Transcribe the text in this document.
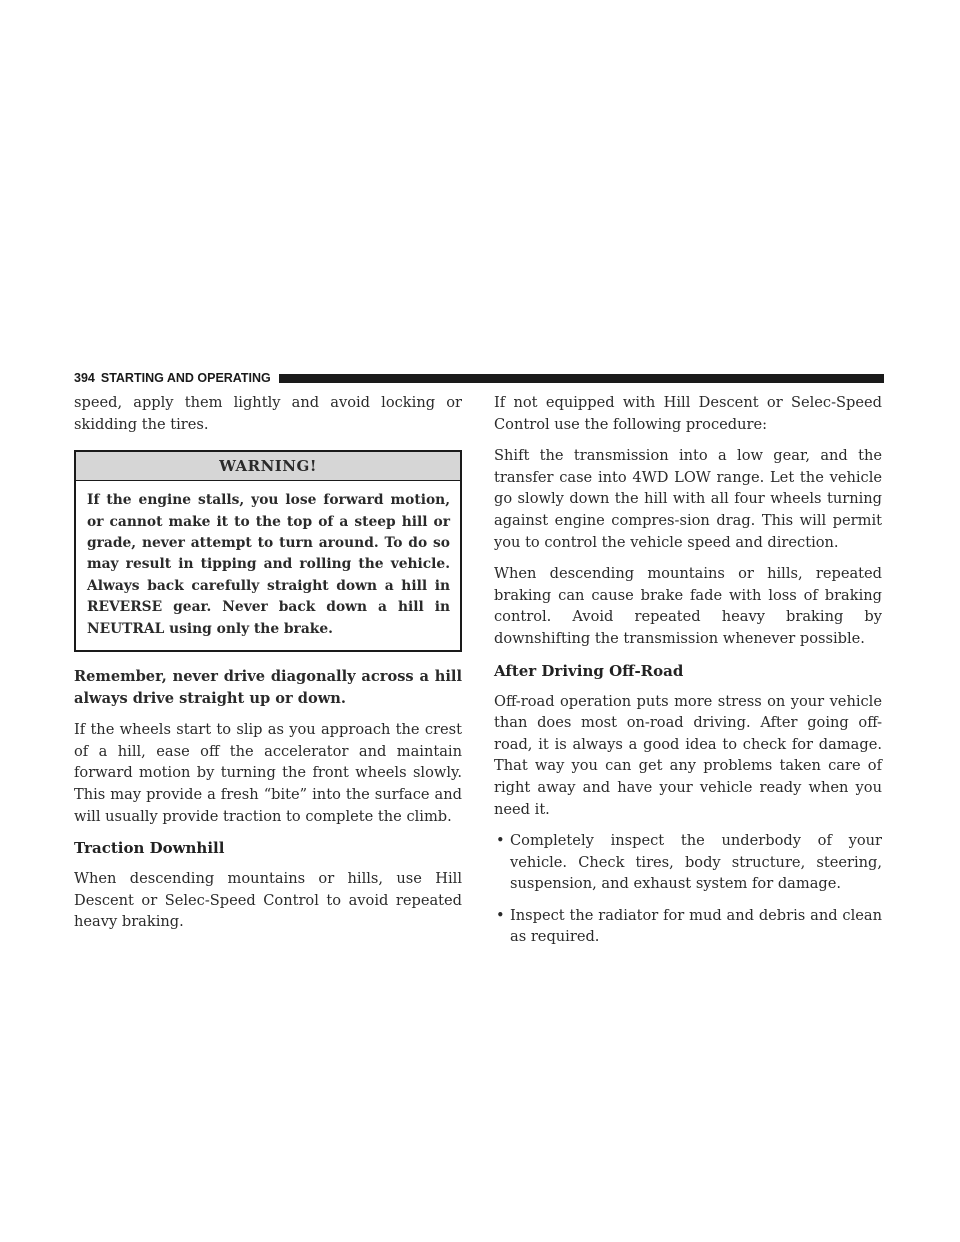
394 STARTING AND OPERATING

speed, apply them lightly and avoid locking or skidding the tires.

WARNING!
If the engine stalls, you lose forward motion, or cannot make it to the top of a steep hill or grade, never attempt to turn around. To do so may result in tipping and rolling the vehicle. Always back carefully straight down a hill in REVERSE gear. Never back down a hill in NEUTRAL using only the brake.

Remember, never drive diagonally across a hill always drive straight up or down.

If the wheels start to slip as you approach the crest of a hill, ease off the accelerator and maintain forward motion by turning the front wheels slowly. This may provide a fresh “bite” into the surface and will usually provide traction to complete the climb.

Traction Downhill

When descending mountains or hills, use Hill Descent or Selec-Speed Control to avoid repeated heavy braking.

If not equipped with Hill Descent or Selec-Speed Control use the following procedure:

Shift the transmission into a low gear, and the transfer case into 4WD LOW range. Let the vehicle go slowly down the hill with all four wheels turning against engine compres-sion drag. This will permit you to control the vehicle speed and direction.

When descending mountains or hills, repeated braking can cause brake fade with loss of braking control. Avoid repeated heavy braking by downshifting the transmission whenever possible.

After Driving Off-Road

Off-road operation puts more stress on your vehicle than does most on-road driving. After going off-road, it is always a good idea to check for damage. That way you can get any problems taken care of right away and have your vehicle ready when you need it.

• Completely inspect the underbody of your vehicle. Check tires, body structure, steering, suspension, and exhaust system for damage.
• Inspect the radiator for mud and debris and clean as required.
